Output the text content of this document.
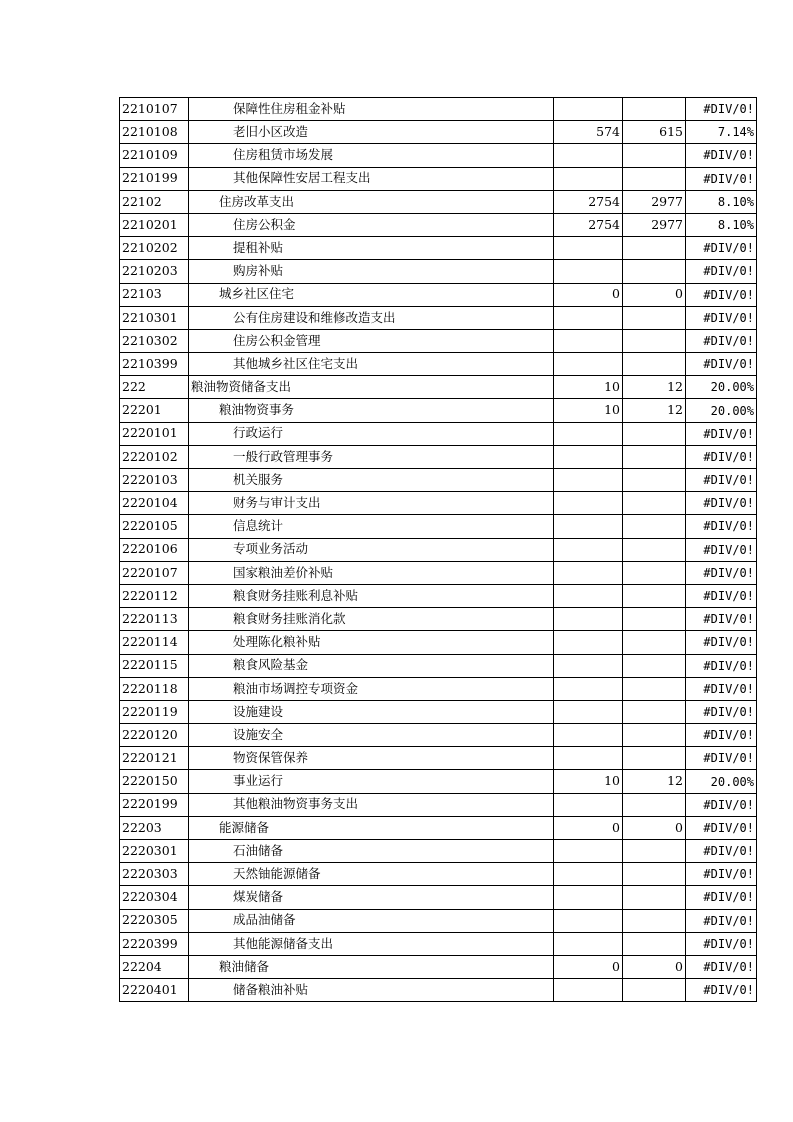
2210107	保障性住房租金补贴			#DIV/0!
2210108	老旧小区改造	574	615	7.14%
2210109	住房租赁市场发展			#DIV/0!
2210199	其他保障性安居工程支出			#DIV/0!
22102	住房改革支出	2754	2977	8.10%
2210201	住房公积金	2754	2977	8.10%
2210202	提租补贴			#DIV/0!
2210203	购房补贴			#DIV/0!
22103	城乡社区住宅	0	0	#DIV/0!
2210301	公有住房建设和维修改造支出			#DIV/0!
2210302	住房公积金管理			#DIV/0!
2210399	其他城乡社区住宅支出			#DIV/0!
222	粮油物资储备支出	10	12	20.00%
22201	粮油物资事务	10	12	20.00%
2220101	行政运行			#DIV/0!
2220102	一般行政管理事务			#DIV/0!
2220103	机关服务			#DIV/0!
2220104	财务与审计支出			#DIV/0!
2220105	信息统计			#DIV/0!
2220106	专项业务活动			#DIV/0!
2220107	国家粮油差价补贴			#DIV/0!
2220112	粮食财务挂账利息补贴			#DIV/0!
2220113	粮食财务挂账消化款			#DIV/0!
2220114	处理陈化粮补贴			#DIV/0!
2220115	粮食风险基金			#DIV/0!
2220118	粮油市场调控专项资金			#DIV/0!
2220119	设施建设			#DIV/0!
2220120	设施安全			#DIV/0!
2220121	物资保管保养			#DIV/0!
2220150	事业运行	10	12	20.00%
2220199	其他粮油物资事务支出			#DIV/0!
22203	能源储备	0	0	#DIV/0!
2220301	石油储备			#DIV/0!
2220303	天然铀能源储备			#DIV/0!
2220304	煤炭储备			#DIV/0!
2220305	成品油储备			#DIV/0!
2220399	其他能源储备支出			#DIV/0!
22204	粮油储备	0	0	#DIV/0!
2220401	储备粮油补贴			#DIV/0!
